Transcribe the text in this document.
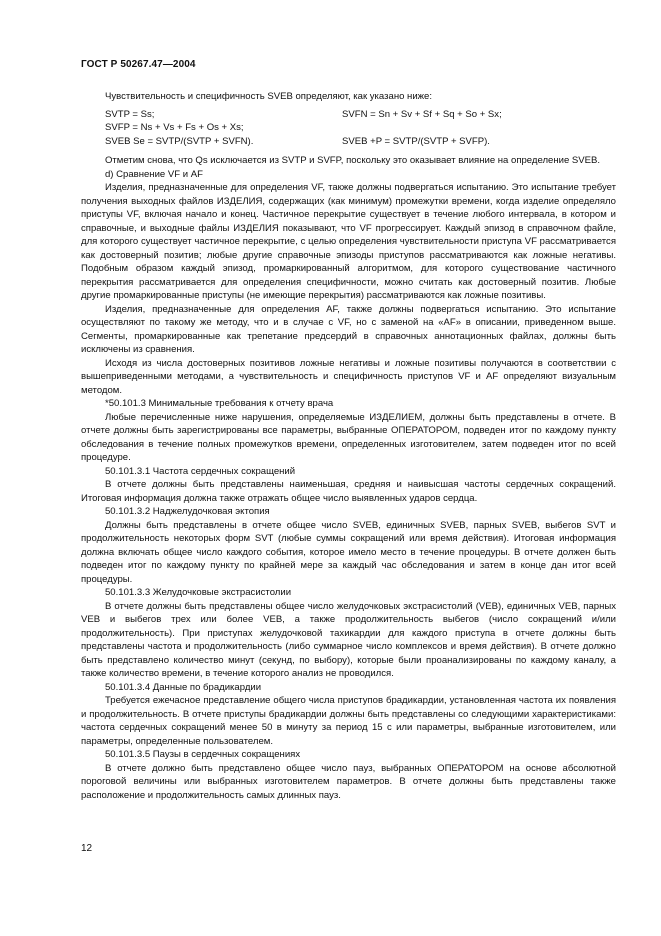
ГОСТ Р 50267.47—2004

Чувствительность и специфичность SVEB определяют, как указано ниже:

SVTP = Ss;	SVFN = Sn + Sv + Sf + Sq + So + Sx;
SVFP = Ns + Vs + Fs + Os + Xs;
SVEB Se = SVTP/(SVTP + SVFN).	SVEB +P = SVTP/(SVTP + SVFP).

Отметим снова, что Qs исключается из SVTP и SVFP, поскольку это оказывает влияние на определение SVEB.

d) Сравнение VF и AF

Изделия, предназначенные для определения VF, также должны подвергаться испытанию. Это испытание требует получения выходных файлов ИЗДЕЛИЯ, содержащих (как минимум) промежутки времени, когда изделие определяло приступы VF, включая начало и конец. Частичное перекрытие существует в течение любого интервала, в котором и справочные, и выходные файлы ИЗДЕЛИЯ показывают, что VF прогрессирует. Каждый эпизод в справочном файле, для которого существует частичное перекрытие, с целью определения чувствительности приступа VF рассматривается как достоверный позитив; любые другие справочные эпизоды приступов рассматриваются как ложные негативы. Подобным образом каждый эпизод, промаркированный алгоритмом, для которого существование частичного перекрытия рассматривается для определения специфичности, можно считать как достоверный позитив. Любые другие промаркированные приступы (не имеющие перекрытия) рассматриваются как ложные позитивы.

Изделия, предназначенные для определения AF, также должны подвергаться испытанию. Это испытание осуществляют по такому же методу, что и в случае с VF, но с заменой на «AF» в описании, приведенном выше. Сегменты, промаркированные как трепетание предсердий в справочных аннотационных файлах, должны быть исключены из сравнения.

Исходя из числа достоверных позитивов ложные негативы и ложные позитивы получаются в соответствии с вышеприведенными методами, а чувствительность и специфичность приступов VF и AF определяют визуальным методом.

*50.101.3 Минимальные требования к отчету врача

Любые перечисленные ниже нарушения, определяемые ИЗДЕЛИЕМ, должны быть представлены в отчете. В отчете должны быть зарегистрированы все параметры, выбранные ОПЕРАТОРОМ, подведен итог по каждому пункту обследования в течение полных промежутков времени, определенных изготовителем, затем подведен итог по всей процедуре.

50.101.3.1 Частота сердечных сокращений

В отчете должны быть представлены наименьшая, средняя и наивысшая частоты сердечных сокращений. Итоговая информация должна также отражать общее число выявленных ударов сердца.

50.101.3.2 Наджелудочковая эктопия

Должны быть представлены в отчете общее число SVEB, единичных SVEB, парных SVEB, выбегов SVT и продолжительность некоторых форм SVT (любые суммы сокращений или время действия). Итоговая информация должна включать общее число каждого события, которое имело место в течение процедуры. В отчете должен быть подведен итог по каждому пункту по крайней мере за каждый час обследования и затем в конце дан итог всей процедуры.

50.101.3.3 Желудочковые экстрасистолии

В отчете должны быть представлены общее число желудочковых экстрасистолий (VEB), единичных VEB, парных VEB и выбегов трех или более VEB, а также продолжительность выбегов (число сокращений и/или продолжительность). При приступах желудочковой тахикардии для каждого приступа в отчете должны быть представлены частота и продолжительность (либо суммарное число комплексов и время действия). В отчете должно быть представлено количество минут (секунд, по выбору), которые были проанализированы по каждому каналу, а также количество времени, в течение которого анализ не проводился.

50.101.3.4 Данные по брадикардии

Требуется ежечасное представление общего числа приступов брадикардии, установленная частота их появления и продолжительность. В отчете приступы брадикардии должны быть представлены со следующими характеристиками: частота сердечных сокращений менее 50 в минуту за период 15 с или параметры, выбранные изготовителем, или параметры, определенные пользователем.

50.101.3.5 Паузы в сердечных сокращениях

В отчете должно быть представлено общее число пауз, выбранных ОПЕРАТОРОМ на основе абсолютной пороговой величины или выбранных изготовителем параметров. В отчете должны быть представлены также расположение и продолжительность самых длинных пауз.

12
